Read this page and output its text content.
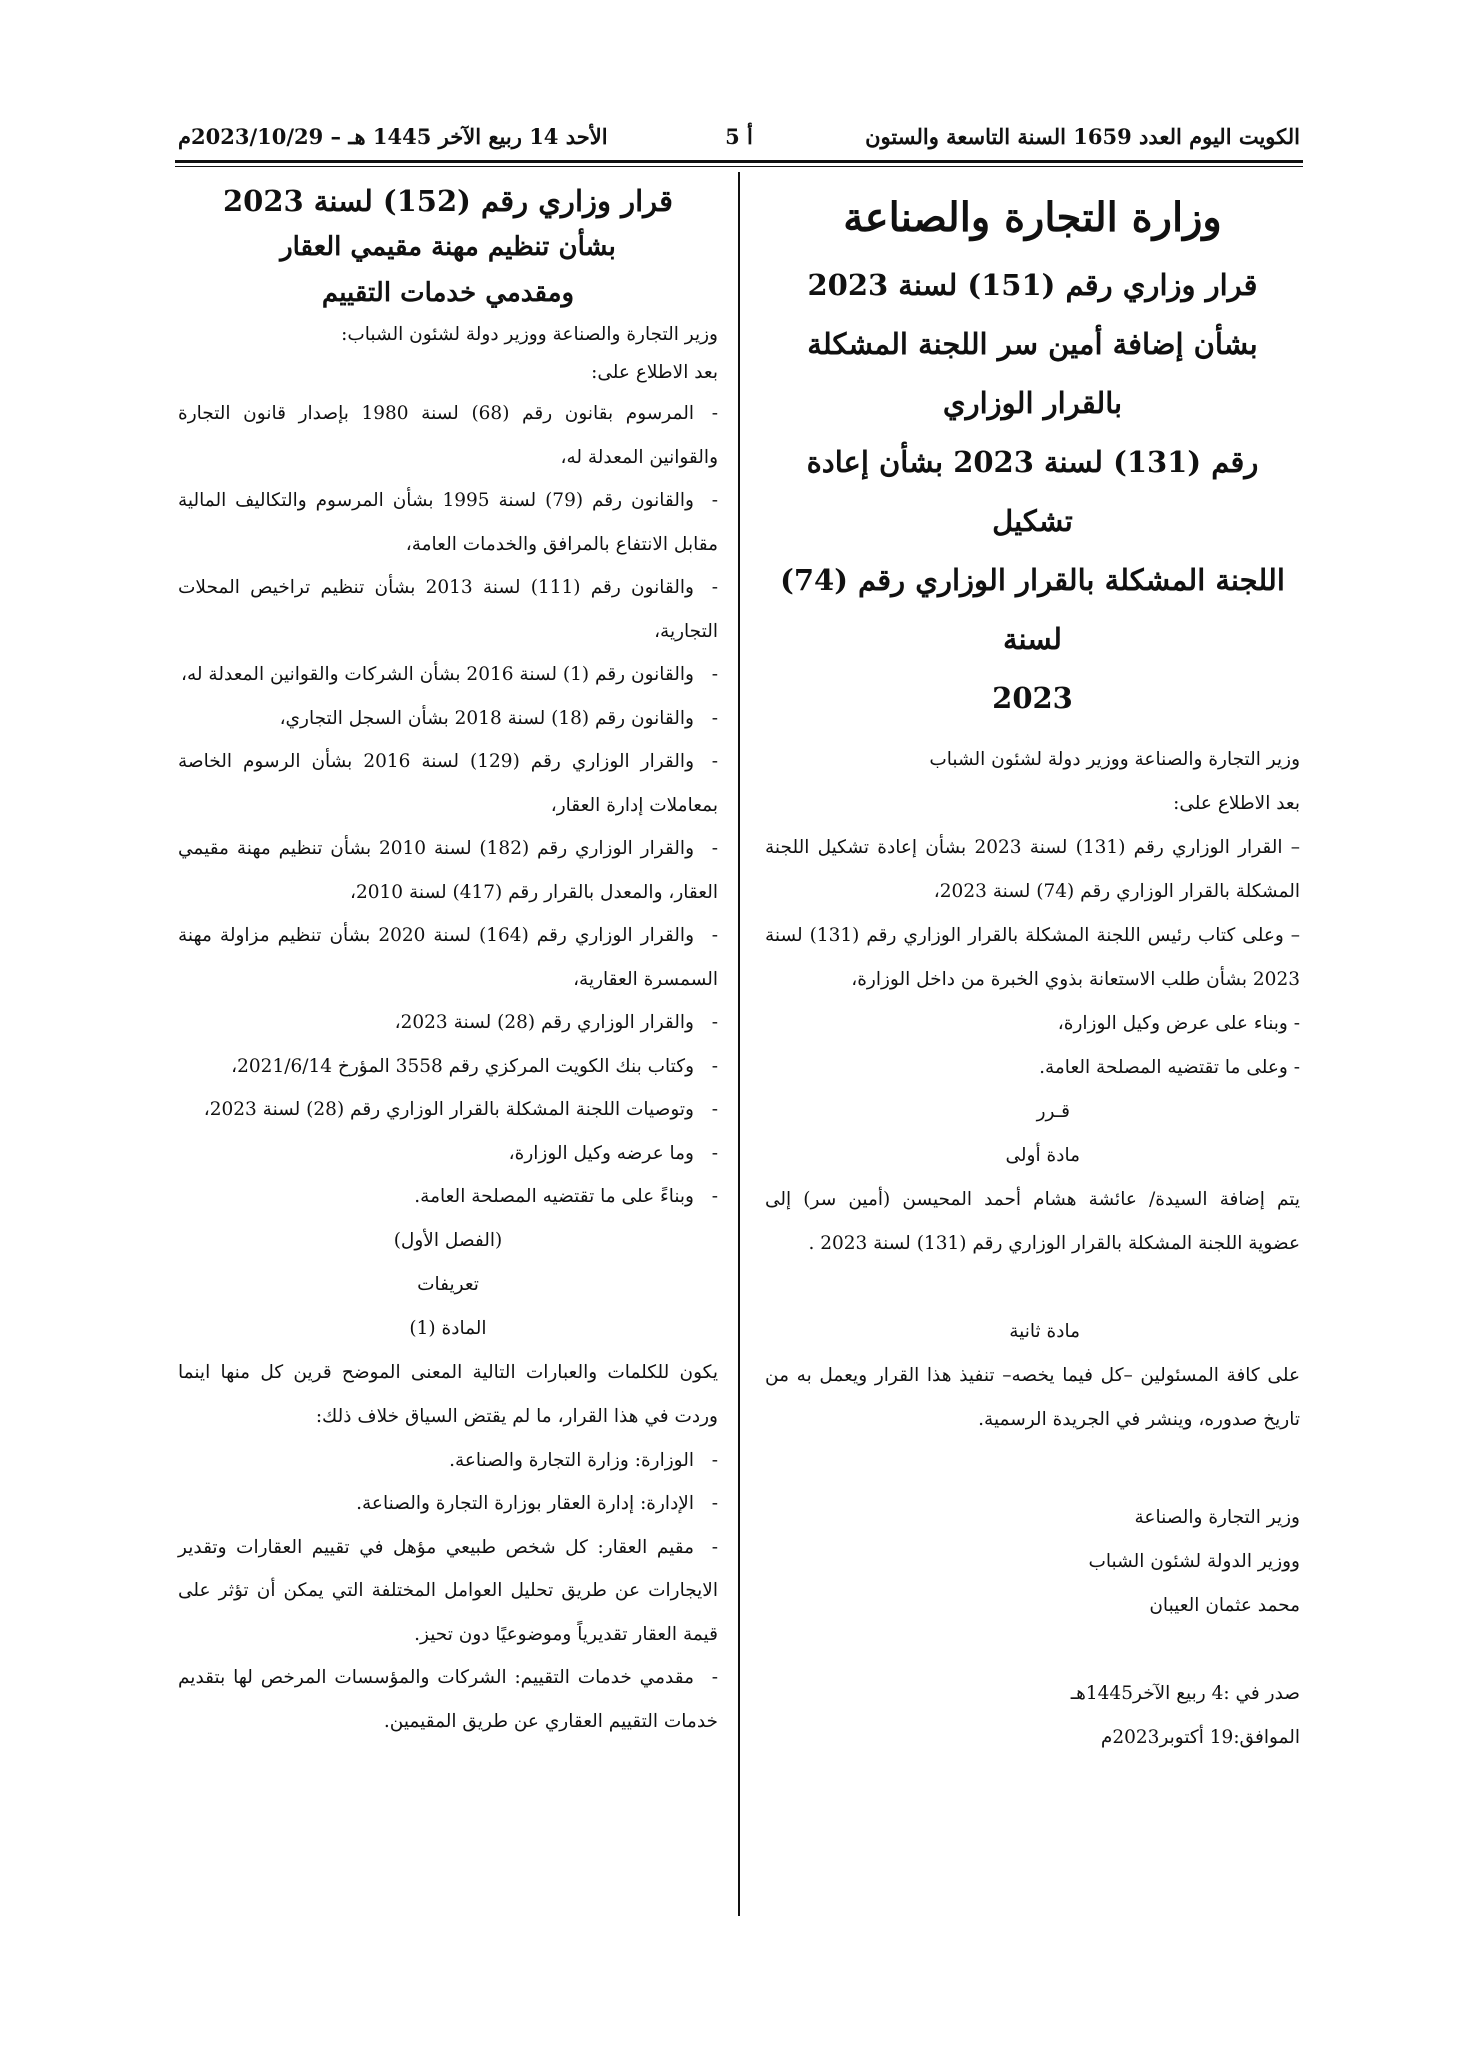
الكويت اليوم العدد 1659 السنة التاسعة والستون
أ 5
الأحد 14 ربيع الآخر 1445 هـ – 2023/10/29م
وزارة التجارة والصناعة
قرار وزاري رقم (151) لسنة 2023
بشأن إضافة أمين سر اللجنة المشكلة بالقرار الوزاري
رقم (131) لسنة 2023 بشأن إعادة تشكيل
اللجنة المشكلة بالقرار الوزاري رقم (74) لسنة
2023

وزير التجارة والصناعة ووزير دولة لشئون الشباب

بعد الاطلاع على:

– القرار الوزاري رقم (131) لسنة 2023 بشأن إعادة تشكيل اللجنة المشكلة بالقرار الوزاري رقم (74) لسنة 2023،

– وعلى كتاب رئيس اللجنة المشكلة بالقرار الوزاري رقم (131) لسنة 2023 بشأن طلب الاستعانة بذوي الخبرة من داخل الوزارة،

- وبناء على عرض وكيل الوزارة،

- وعلى ما تقتضيه المصلحة العامة.

قـرر

مادة أولى

يتم إضافة السيدة/ عائشة هشام أحمد المحيسن (أمين سر) إلى عضوية اللجنة المشكلة بالقرار الوزاري رقم (131) لسنة 2023 .

مادة ثانية

على كافة المسئولين –كل فيما يخصه– تنفيذ هذا القرار ويعمل به من تاريخ صدوره، وينشر في الجريدة الرسمية.

وزير التجارة والصناعة

ووزير الدولة لشئون الشباب

محمد عثمان العيبان

صدر في :4 ربيع الآخر1445هـ

الموافق:19 أكتوبر2023م

قرار وزاري رقم (152) لسنة 2023
بشأن تنظيم مهنة مقيمي العقار
ومقدمي خدمات التقييم

وزير التجارة والصناعة ووزير دولة لشئون الشباب:

بعد الاطلاع على:

-المرسوم بقانون رقم (68) لسنة 1980 بإصدار قانون التجارة والقوانين المعدلة له،
-والقانون رقم (79) لسنة 1995 بشأن المرسوم والتكاليف المالية مقابل الانتفاع بالمرافق والخدمات العامة،
-والقانون رقم (111) لسنة 2013 بشأن تنظيم تراخيص المحلات التجارية،
-والقانون رقم (1) لسنة 2016 بشأن الشركات والقوانين المعدلة له،
-والقانون رقم (18) لسنة 2018 بشأن السجل التجاري،
-والقرار الوزاري رقم (129) لسنة 2016 بشأن الرسوم الخاصة بمعاملات إدارة العقار،
-والقرار الوزاري رقم (182) لسنة 2010 بشأن تنظيم مهنة مقيمي العقار، والمعدل بالقرار رقم (417) لسنة 2010،
-والقرار الوزاري رقم (164) لسنة 2020 بشأن تنظيم مزاولة مهنة السمسرة العقارية،
-والقرار الوزاري رقم (28) لسنة 2023،
-وكتاب بنك الكويت المركزي رقم 3558 المؤرخ 2021/6/14،
-وتوصيات اللجنة المشكلة بالقرار الوزاري رقم (28) لسنة 2023،
-وما عرضه وكيل الوزارة،
-وبناءً على ما تقتضيه المصلحة العامة.

(الفصل الأول)

تعريفات

المادة (1)

يكون للكلمات والعبارات التالية المعنى الموضح قرين كل منها اينما وردت في هذا القرار، ما لم يقتض السياق خلاف ذلك:

-الوزارة: وزارة التجارة والصناعة.
-الإدارة: إدارة العقار بوزارة التجارة والصناعة.
-مقيم العقار: كل شخص طبيعي مؤهل في تقييم العقارات وتقدير الايجارات عن طريق تحليل العوامل المختلفة التي يمكن أن تؤثر على قيمة العقار تقديرياً وموضوعيًا دون تحيز.
-مقدمي خدمات التقييم: الشركات والمؤسسات المرخص لها بتقديم خدمات التقييم العقاري عن طريق المقيمين.
